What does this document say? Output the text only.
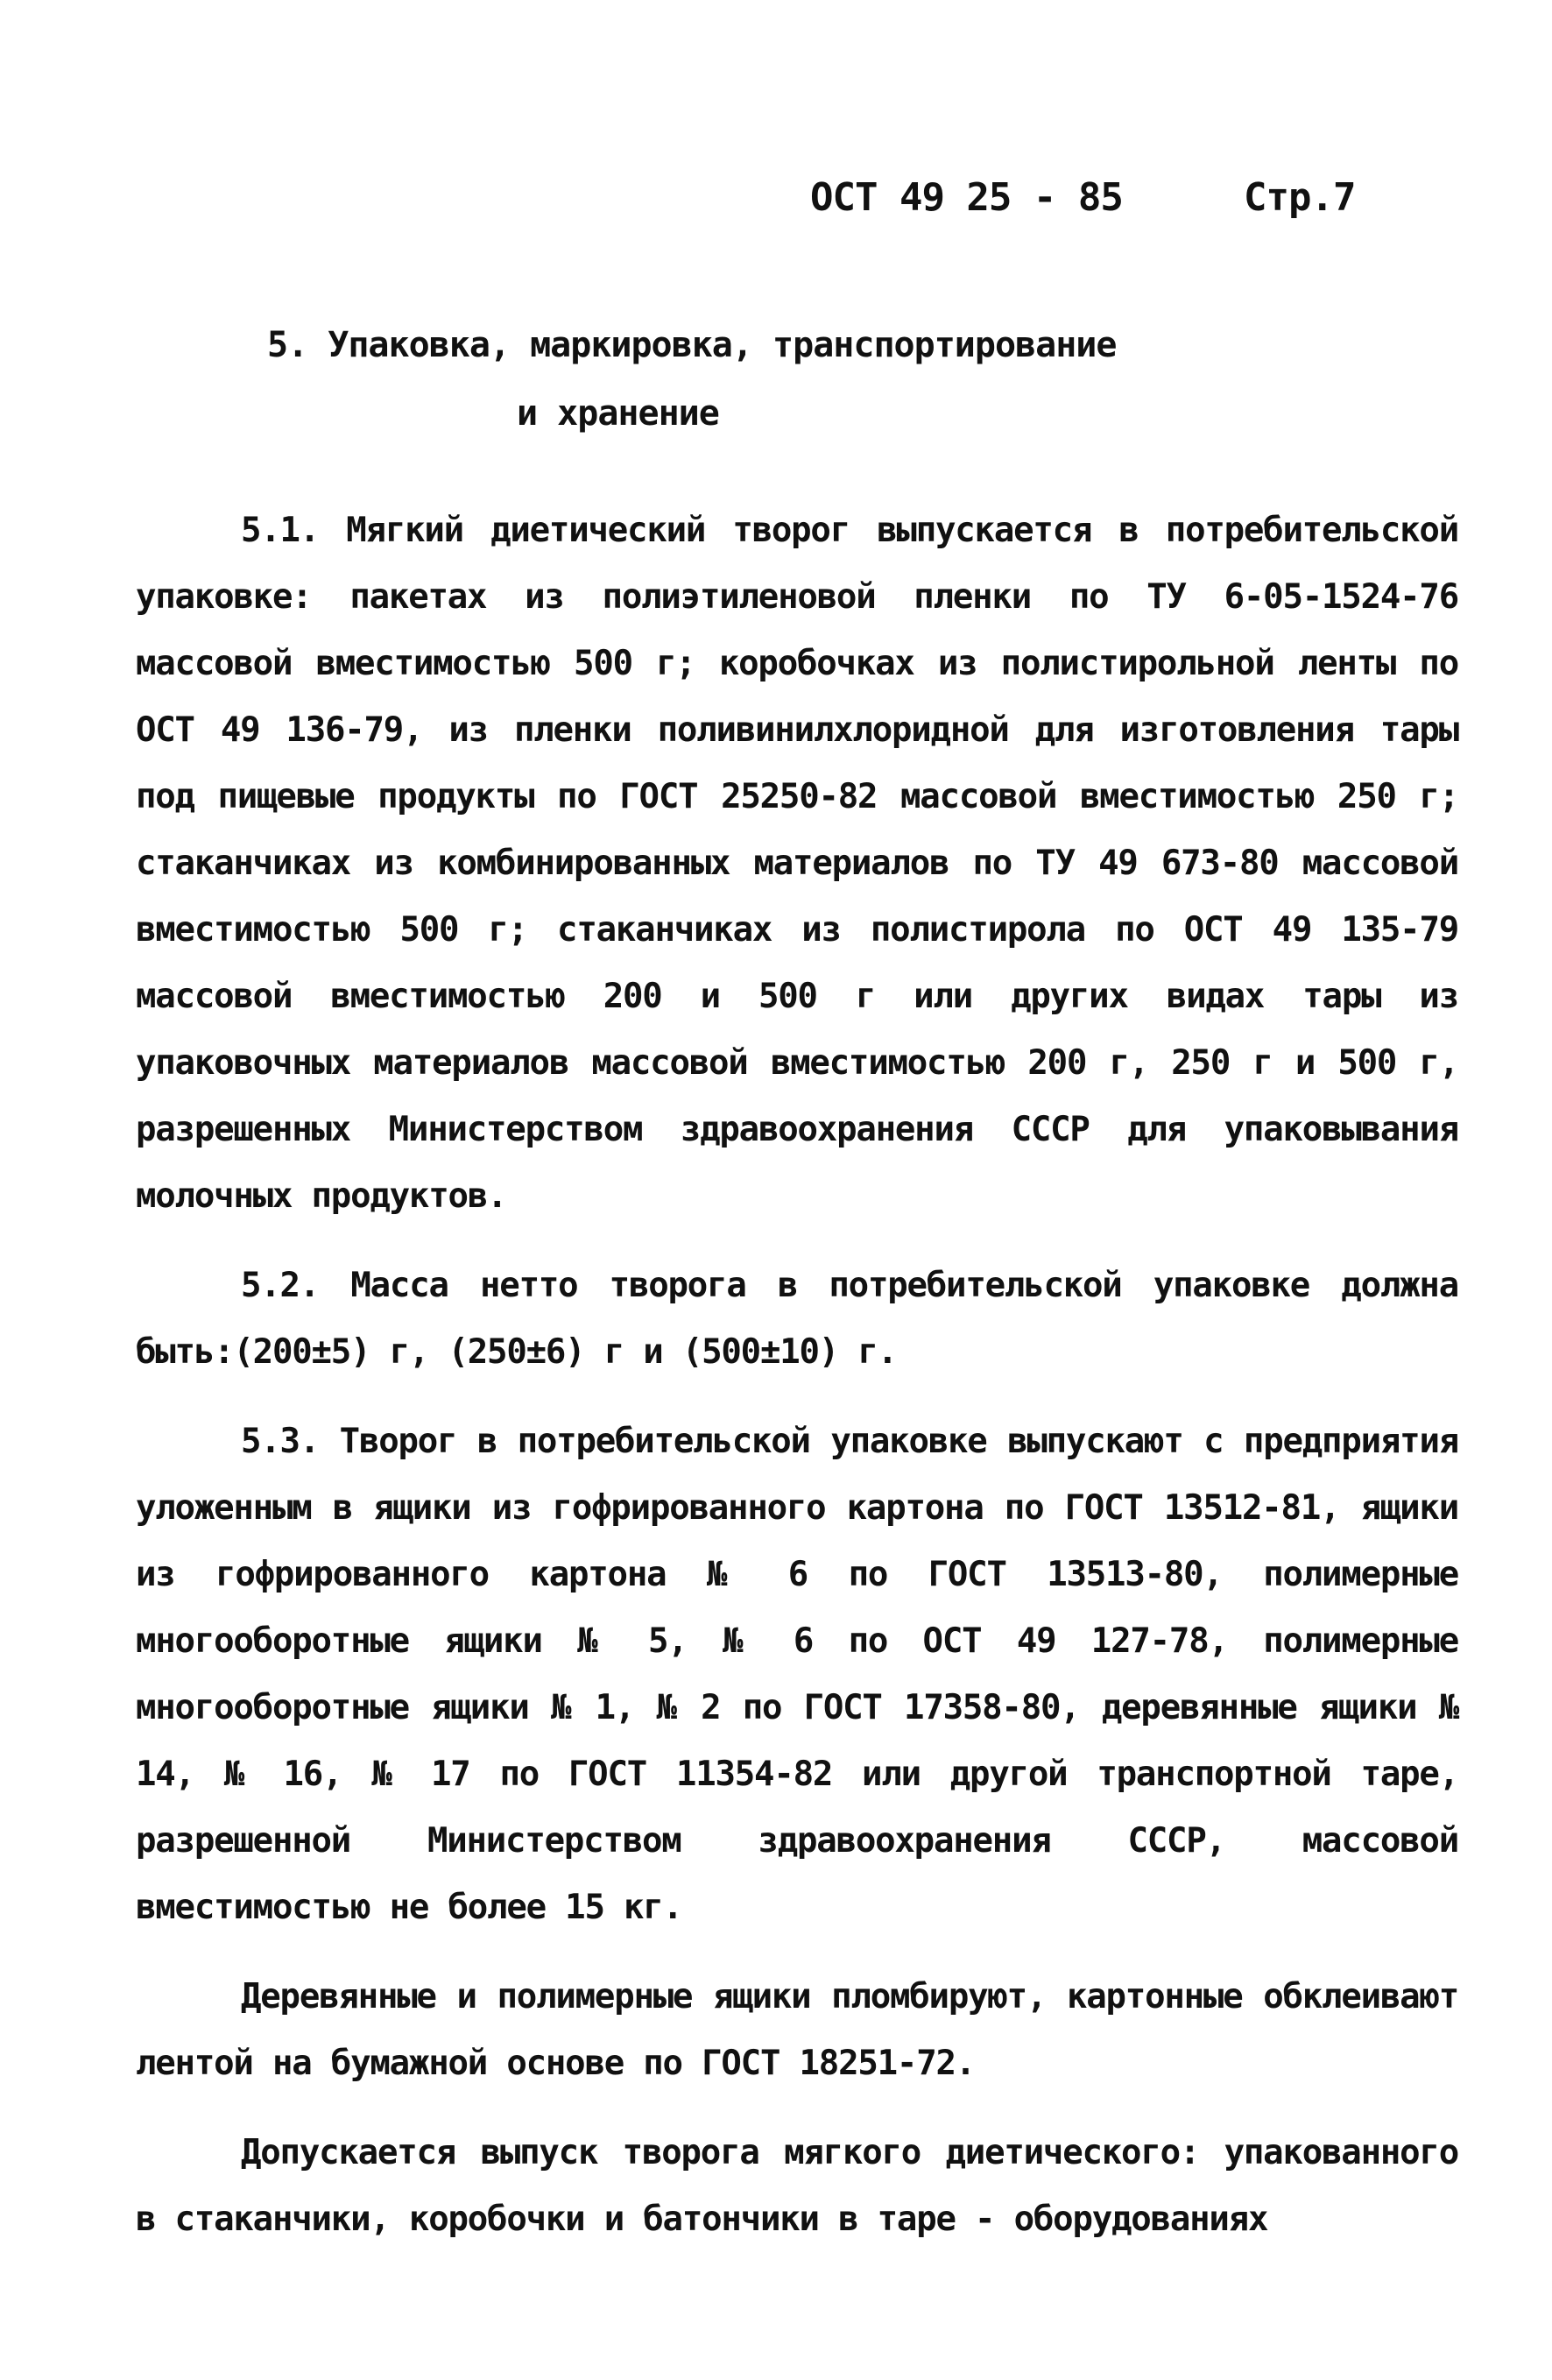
ОСТ 49 25 - 85	Стр.7
5. Упаковка, маркировка, транспортирование
и хранение

5.1. Мягкий диетический творог выпускается в потребительской упаковке: пакетах из полиэтиленовой пленки по ТУ 6-05-1524-76 массовой вместимостью 500 г; коробочках из полистирольной ленты по ОСТ 49 136-79, из пленки поливинилхлоридной для изготовления тары под пищевые продукты по ГОСТ 25250-82 массовой вместимостью 250 г; стаканчиках из комбинированных материалов по ТУ 49 673-80 массовой вместимостью 500 г; стаканчиках из полистирола по ОСТ 49 135-79 массовой вместимостью 200 и 500 г или других видах тары из упаковочных материалов массовой вместимостью 200 г, 250 г и 500 г, разрешенных Министерством здравоохранения СССР для упаковывания молочных продуктов.

5.2. Масса нетто творога в потребительской упаковке должна быть:(200±5) г, (250±6) г и (500±10) г.

5.3. Творог в потребительской упаковке выпускают с предприятия уложенным в ящики из гофрированного картона по ГОСТ 13512-81, ящики из гофрированного картона № 6 по ГОСТ 13513-80, полимерные многооборотные ящики № 5, № 6 по ОСТ 49 127-78, полимерные многооборотные ящики № 1, № 2 по ГОСТ 17358-80, деревянные ящики № 14, № 16, № 17 по ГОСТ 11354-82 или другой транспортной таре, разрешенной Министерством здравоохранения СССР, массовой вместимостью не более 15 кг.

Деревянные и полимерные ящики пломбируют, картонные обклеивают лентой на бумажной основе по ГОСТ 18251-72.

Допускается выпуск творога мягкого диетического: упакованного в стаканчики, коробочки и батончики в таре - оборудованиях
